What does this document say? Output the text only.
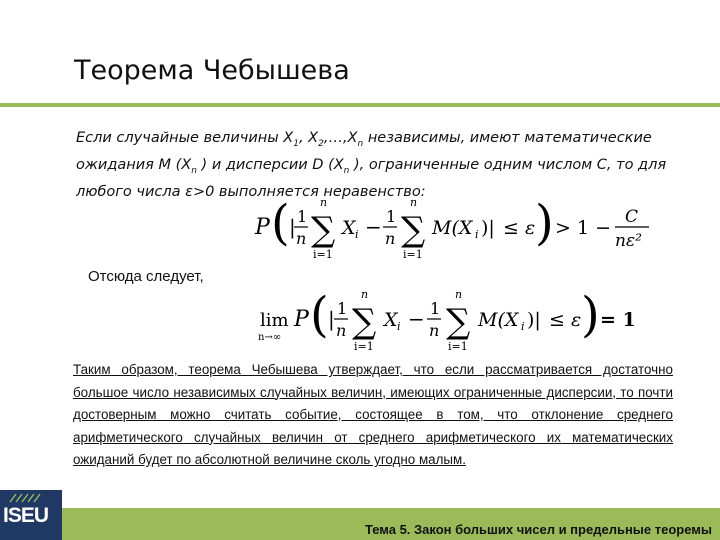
Теорема Чебышева
Если случайные величины $X_1$, $X_2,\dots,X_n$ независимы, имеют математические ожидания М ($X_n$ ) и дисперсии D ($X_n$ ), ограниченные одним числом С, то для любого числа ε>0 выполняется неравенство:
P ( | 1
n
n
∑
i=1
X i − 1
n
n
∑
i=1
M(X i )| ≤ ε ) > 1 − C
nε²
Отсюда следует,
lim
n→∞
P ( | 1
n
n
∑
i=1
X i − 1
n
n
∑
i=1
M(X i )| ≤ ε ) = 1
Таким образом, теорема Чебышева утверждает, что если рассматривается достаточно большое число независимых случайных величин, имеющих ограниченные дисперсии, то почти достоверным можно считать событие, состоящее в том, что отклонение среднего арифметического случайных величин от среднего арифметического их математических ожиданий будет по абсолютной величине сколь угодно малым.
Тема 5. Закон больших чисел и предельные теоремы
ISEU
